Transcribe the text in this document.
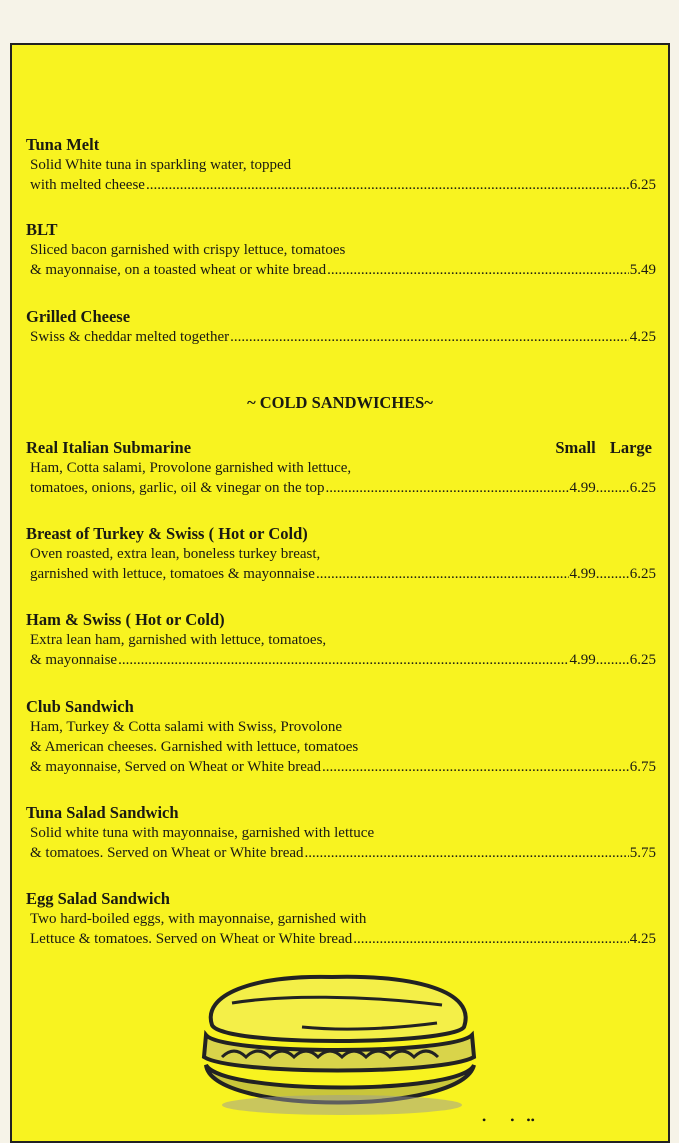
Tuna Melt
Solid White tuna in sparkling water, topped
with melted cheese .....	6.25
BLT
Sliced bacon garnished with crispy lettuce, tomatoes
& mayonnaise, on a toasted wheat or white bread .....	5.49
Grilled Cheese
Swiss & cheddar melted together .....	4.25
~ COLD SANDWICHES~
Small Large
Real Italian Submarine
Ham, Cotta salami, Provolone garnished with lettuce,
tomatoes, onions, garlic, oil & vinegar on the top .....	4.99 ..... 6.25
Breast of Turkey & Swiss ( Hot or Cold)
Oven roasted, extra lean, boneless turkey breast,
garnished with lettuce, tomatoes & mayonnaise .....	4.99 ..... 6.25
Ham & Swiss ( Hot or Cold)
Extra lean ham, garnished with lettuce, tomatoes,
& mayonnaise .....	4.99 ..... 6.25
Club Sandwich
Ham, Turkey & Cotta salami with Swiss, Provolone
& American cheeses. Garnished with lettuce, tomatoes
& mayonnaise, Served on Wheat or White bread .....	6.75
Tuna Salad Sandwich
Solid white tuna with mayonnaise, garnished with lettuce
& tomatoes. Served on Wheat or White bread .....	5.75
Egg Salad Sandwich
Two hard-boiled eggs, with mayonnaise, garnished with
Lettuce & tomatoes. Served on Wheat or White bread .....	4.25
•        •    ••
